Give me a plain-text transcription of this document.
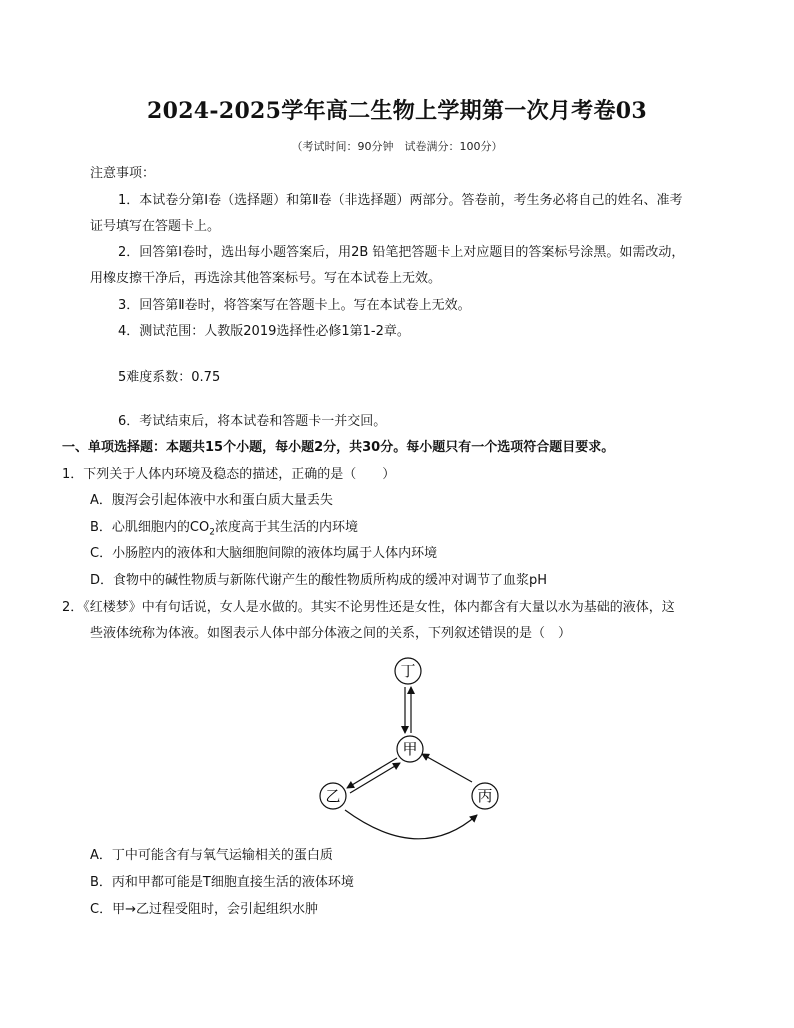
2024-2025学年高二生物上学期第一次月考卷03
（考试时间：90分钟　试卷满分：100分）
注意事项：
1．本试卷分第Ⅰ卷（选择题）和第Ⅱ卷（非选择题）两部分。答卷前，考生务必将自己的姓名、准考
证号填写在答题卡上。
2．回答第Ⅰ卷时，选出每小题答案后，用2B 铅笔把答题卡上对应题目的答案标号涂黑。如需改动，
用橡皮擦干净后，再选涂其他答案标号。写在本试卷上无效。
3．回答第Ⅱ卷时，将答案写在答题卡上。写在本试卷上无效。
4．测试范围：人教版2019选择性必修1第1-2章。
5难度系数：0.75
6．考试结束后，将本试卷和答题卡一并交回。
一、单项选择题：本题共15个小题，每小题2分，共30分。每小题只有一个选项符合题目要求。
1．下列关于人体内环境及稳态的描述，正确的是（　　）
A．腹泻会引起体液中水和蛋白质大量丢失
B．心肌细胞内的$CO_2$浓度高于其生活的内环境
C．小肠腔内的液体和大脑细胞间隙的液体均属于人体内环境
D．食物中的碱性物质与新陈代谢产生的酸性物质所构成的缓冲对调节了血浆pH
2．《红楼梦》中有句话说，女人是水做的。其实不论男性还是女性，体内都含有大量以水为基础的液体，这
些液体统称为体液。如图表示人体中部分体液之间的关系，下列叙述错误的是（　）
丁
甲
乙	丙
A．丁中可能含有与氧气运输相关的蛋白质
B．丙和甲都可能是T细胞直接生活的液体环境
C．甲→乙过程受阻时，会引起组织水肿
